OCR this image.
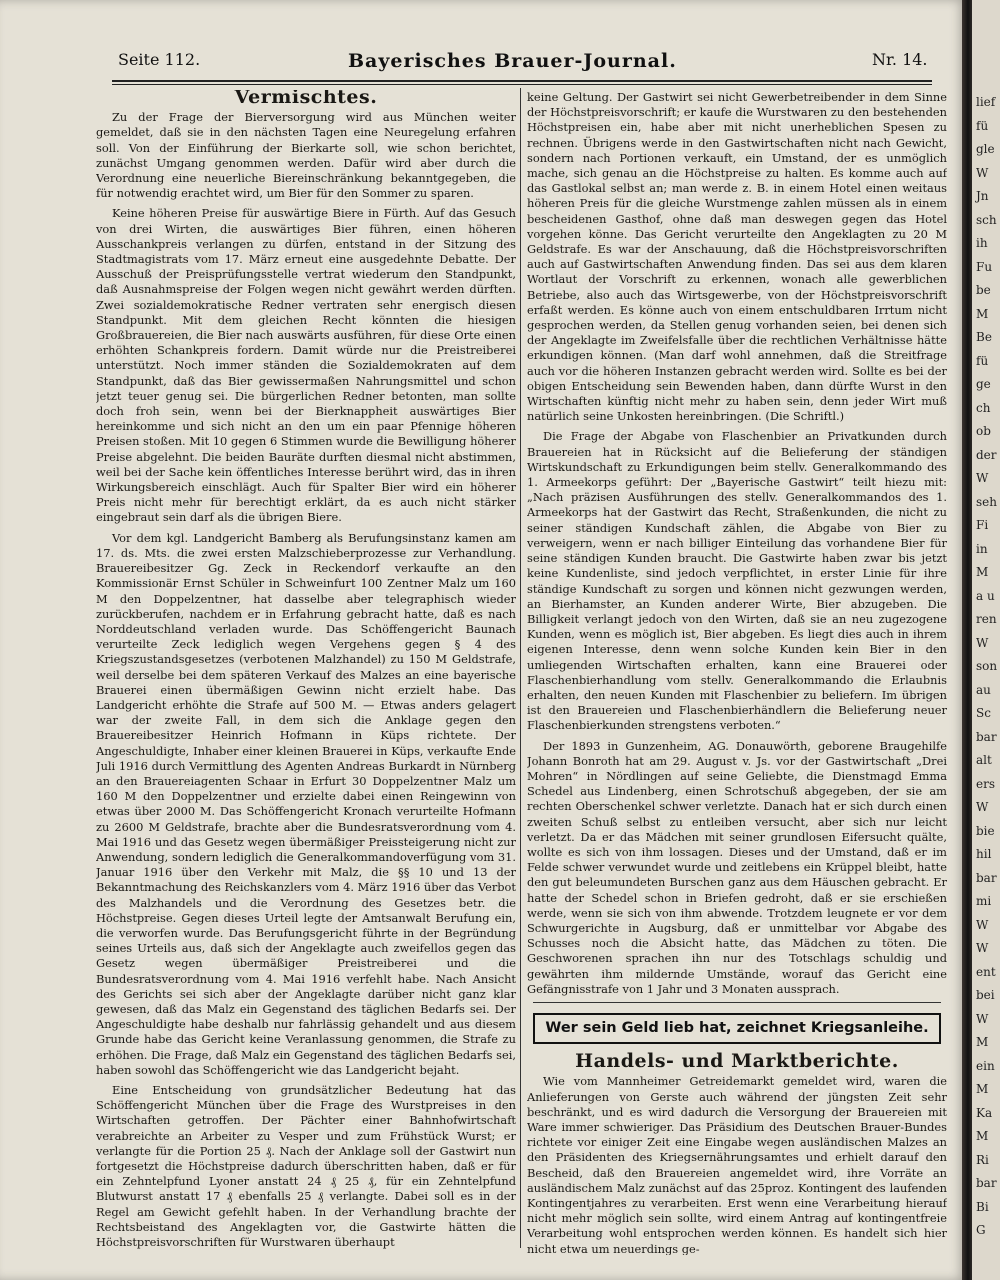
Seite 112.	Bayerisches Brauer-Journal.	Nr. 14.

Vermischtes.

Zu der Frage der Bierversorgung wird aus München weiter gemeldet, daß sie in den nächsten Tagen eine Neuregelung erfahren soll. Von der Einführung der Bierkarte soll, wie schon berichtet, zunächst Umgang genommen werden. Dafür wird aber durch die Verordnung eine neuerliche Biereinschränkung bekanntgegeben, die für notwendig erachtet wird, um Bier für den Sommer zu sparen.

Keine höheren Preise für auswärtige Biere in Fürth. Auf das Gesuch von drei Wirten, die auswärtiges Bier führen, einen höheren Ausschankpreis verlangen zu dürfen, entstand in der Sitzung des Stadtmagistrats vom 17. März erneut eine ausgedehnte Debatte. Der Ausschuß der Preisprüfungsstelle vertrat wiederum den Standpunkt, daß Ausnahmspreise der Folgen wegen nicht gewährt werden dürften. Zwei sozialdemokratische Redner vertraten sehr energisch diesen Standpunkt. Mit dem gleichen Recht könnten die hiesigen Großbrauereien, die Bier nach auswärts ausführen, für diese Orte einen erhöhten Schankpreis fordern. Damit würde nur die Preistreiberei unterstützt. Noch immer ständen die Sozialdemokraten auf dem Standpunkt, daß das Bier gewissermaßen Nahrungsmittel und schon jetzt teuer genug sei. Die bürgerlichen Redner betonten, man sollte doch froh sein, wenn bei der Bierknappheit auswärtiges Bier hereinkomme und sich nicht an den um ein paar Pfennige höheren Preisen stoßen. Mit 10 gegen 6 Stimmen wurde die Bewilligung höherer Preise abgelehnt. Die beiden Bauräte durften diesmal nicht abstimmen, weil bei der Sache kein öffentliches Interesse berührt wird, das in ihren Wirkungsbereich einschlägt. Auch für Spalter Bier wird ein höherer Preis nicht mehr für berechtigt erklärt, da es auch nicht stärker eingebraut sein darf als die übrigen Biere.

Vor dem kgl. Landgericht Bamberg als Berufungsinstanz kamen am 17. ds. Mts. die zwei ersten Malzschieberprozesse zur Verhandlung. Brauereibesitzer Gg. Zeck in Reckendorf verkaufte an den Kommissionär Ernst Schüler in Schweinfurt 100 Zentner Malz um 160 M den Doppelzentner, hat dasselbe aber telegraphisch wieder zurückberufen, nachdem er in Erfahrung gebracht hatte, daß es nach Norddeutschland verladen wurde. Das Schöffengericht Baunach verurteilte Zeck lediglich wegen Vergehens gegen § 4 des Kriegszustandsgesetzes (verbotenen Malzhandel) zu 150 M Geldstrafe, weil derselbe bei dem späteren Verkauf des Malzes an eine bayerische Brauerei einen übermäßigen Gewinn nicht erzielt habe. Das Landgericht erhöhte die Strafe auf 500 M. — Etwas anders gelagert war der zweite Fall, in dem sich die Anklage gegen den Brauereibesitzer Heinrich Hofmann in Küps richtete. Der Angeschuldigte, Inhaber einer kleinen Brauerei in Küps, verkaufte Ende Juli 1916 durch Vermittlung des Agenten Andreas Burkardt in Nürnberg an den Brauereiagenten Schaar in Erfurt 30 Doppelzentner Malz um 160 M den Doppelzentner und erzielte dabei einen Reingewinn von etwas über 2000 M. Das Schöffengericht Kronach verurteilte Hofmann zu 2600 M Geldstrafe, brachte aber die Bundesratsverordnung vom 4. Mai 1916 und das Gesetz wegen übermäßiger Preissteigerung nicht zur Anwendung, sondern lediglich die Generalkommandoverfügung vom 31. Januar 1916 über den Verkehr mit Malz, die §§ 10 und 13 der Bekanntmachung des Reichskanzlers vom 4. März 1916 über das Verbot des Malzhandels und die Verordnung des Gesetzes betr. die Höchstpreise. Gegen dieses Urteil legte der Amtsanwalt Berufung ein, die verworfen wurde. Das Berufungsgericht führte in der Begründung seines Urteils aus, daß sich der Angeklagte auch zweifellos gegen das Gesetz wegen übermäßiger Preistreiberei und die Bundesratsverordnung vom 4. Mai 1916 verfehlt habe. Nach Ansicht des Gerichts sei sich aber der Angeklagte darüber nicht ganz klar gewesen, daß das Malz ein Gegenstand des täglichen Bedarfs sei. Der Angeschuldigte habe deshalb nur fahrlässig gehandelt und aus diesem Grunde habe das Gericht keine Veranlassung genommen, die Strafe zu erhöhen. Die Frage, daß Malz ein Gegenstand des täglichen Bedarfs sei, haben sowohl das Schöffengericht wie das Landgericht bejaht.

Eine Entscheidung von grundsätzlicher Bedeutung hat das Schöffengericht München über die Frage des Wurstpreises in den Wirtschaften getroffen. Der Pächter einer Bahnhofwirtschaft verabreichte an Arbeiter zu Vesper und zum Frühstück Wurst; er verlangte für die Portion 25 ₰. Nach der Anklage soll der Gastwirt nun fortgesetzt die Höchstpreise dadurch überschritten haben, daß er für ein Zehntelpfund Lyoner anstatt 24 ₰ 25 ₰, für ein Zehntelpfund Blutwurst anstatt 17 ₰ ebenfalls 25 ₰ verlangte. Dabei soll es in der Regel am Gewicht gefehlt haben. In der Verhandlung brachte der Rechtsbeistand des Angeklagten vor, die Gastwirte hätten die Höchstpreisvorschriften für Wurstwaren überhaupt

keine Geltung. Der Gastwirt sei nicht Gewerbetreibender in dem Sinne der Höchstpreisvorschrift; er kaufe die Wurstwaren zu den bestehenden Höchstpreisen ein, habe aber mit nicht unerheblichen Spesen zu rechnen. Übrigens werde in den Gastwirtschaften nicht nach Gewicht, sondern nach Portionen verkauft, ein Umstand, der es unmöglich mache, sich genau an die Höchstpreise zu halten. Es komme auch auf das Gastlokal selbst an; man werde z. B. in einem Hotel einen weitaus höheren Preis für die gleiche Wurstmenge zahlen müssen als in einem bescheidenen Gasthof, ohne daß man deswegen gegen das Hotel vorgehen könne. Das Gericht verurteilte den Angeklagten zu 20 M Geldstrafe. Es war der Anschauung, daß die Höchstpreisvorschriften auch auf Gastwirtschaften Anwendung finden. Das sei aus dem klaren Wortlaut der Vorschrift zu erkennen, wonach alle gewerblichen Betriebe, also auch das Wirtsgewerbe, von der Höchstpreisvorschrift erfaßt werden. Es könne auch von einem entschuldbaren Irrtum nicht gesprochen werden, da Stellen genug vorhanden seien, bei denen sich der Angeklagte im Zweifelsfalle über die rechtlichen Verhältnisse hätte erkundigen können. (Man darf wohl annehmen, daß die Streitfrage auch vor die höheren Instanzen gebracht werden wird. Sollte es bei der obigen Entscheidung sein Bewenden haben, dann dürfte Wurst in den Wirtschaften künftig nicht mehr zu haben sein, denn jeder Wirt muß natürlich seine Unkosten hereinbringen. (Die Schriftl.)

Die Frage der Abgabe von Flaschenbier an Privatkunden durch Brauereien hat in Rücksicht auf die Belieferung der ständigen Wirtskundschaft zu Erkundigungen beim stellv. Generalkommando des 1. Armeekorps geführt: Der „Bayerische Gastwirt“ teilt hiezu mit: „Nach präzisen Ausführungen des stellv. Generalkommandos des 1. Armeekorps hat der Gastwirt das Recht, Straßenkunden, die nicht zu seiner ständigen Kundschaft zählen, die Abgabe von Bier zu verweigern, wenn er nach billiger Einteilung das vorhandene Bier für seine ständigen Kunden braucht. Die Gastwirte haben zwar bis jetzt keine Kundenliste, sind jedoch verpflichtet, in erster Linie für ihre ständige Kundschaft zu sorgen und können nicht gezwungen werden, an Bierhamster, an Kunden anderer Wirte, Bier abzugeben. Die Billigkeit verlangt jedoch von den Wirten, daß sie an neu zugezogene Kunden, wenn es möglich ist, Bier abgeben. Es liegt dies auch in ihrem eigenen Interesse, denn wenn solche Kunden kein Bier in den umliegenden Wirtschaften erhalten, kann eine Brauerei oder Flaschenbierhandlung vom stellv. Generalkommando die Erlaubnis erhalten, den neuen Kunden mit Flaschenbier zu beliefern. Im übrigen ist den Brauereien und Flaschenbierhändlern die Belieferung neuer Flaschenbierkunden strengstens verboten.“

Der 1893 in Gunzenheim, AG. Donauwörth, geborene Braugehilfe Johann Bonroth hat am 29. August v. Js. vor der Gastwirtschaft „Drei Mohren“ in Nördlingen auf seine Geliebte, die Dienstmagd Emma Schedel aus Lindenberg, einen Schrotschuß abgegeben, der sie am rechten Oberschenkel schwer verletzte. Danach hat er sich durch einen zweiten Schuß selbst zu entleiben versucht, aber sich nur leicht verletzt. Da er das Mädchen mit seiner grundlosen Eifersucht quälte, wollte es sich von ihm lossagen. Dieses und der Umstand, daß er im Felde schwer verwundet wurde und zeitlebens ein Krüppel bleibt, hatte den gut beleumundeten Burschen ganz aus dem Häuschen gebracht. Er hatte der Schedel schon in Briefen gedroht, daß er sie erschießen werde, wenn sie sich von ihm abwende. Trotzdem leugnete er vor dem Schwurgerichte in Augsburg, daß er unmittelbar vor Abgabe des Schusses noch die Absicht hatte, das Mädchen zu töten. Die Geschworenen sprachen ihn nur des Totschlags schuldig und gewährten ihm mildernde Umstände, worauf das Gericht eine Gefängnisstrafe von 1 Jahr und 3 Monaten aussprach.

Wer sein Geld lieb hat, zeichnet Kriegsanleihe.

Handels- und Marktberichte.

Wie vom Mannheimer Getreidemarkt gemeldet wird, waren die Anlieferungen von Gerste auch während der jüngsten Zeit sehr beschränkt, und es wird dadurch die Versorgung der Brauereien mit Ware immer schwieriger. Das Präsidium des Deutschen Brauer-Bundes richtete vor einiger Zeit eine Eingabe wegen ausländischen Malzes an den Präsidenten des Kriegsernährungsamtes und erhielt darauf den Bescheid, daß den Brauereien angemeldet wird, ihre Vorräte an ausländischem Malz zunächst auf das 25proz. Kontingent des laufenden Kontingentjahres zu verarbeiten. Erst wenn eine Verarbeitung hierauf nicht mehr möglich sein sollte, wird einem Antrag auf kontingentfreie Verarbeitung wohl entsprochen werden können. Es handelt sich hier nicht etwa um neuerdings ge-

lief
fü
gle
W
Jn
sch
ih
Fu
be
M
Be
fü
ge
ch
ob
der
W
seh
Fi
in
M
a u
ren
W
son
au
Sc
bar
alt
ers
W
bie
hil
bar
mi
W
W
ent
bei
W
M
ein
M
Ka
M
Ri
bar
Bi
G
